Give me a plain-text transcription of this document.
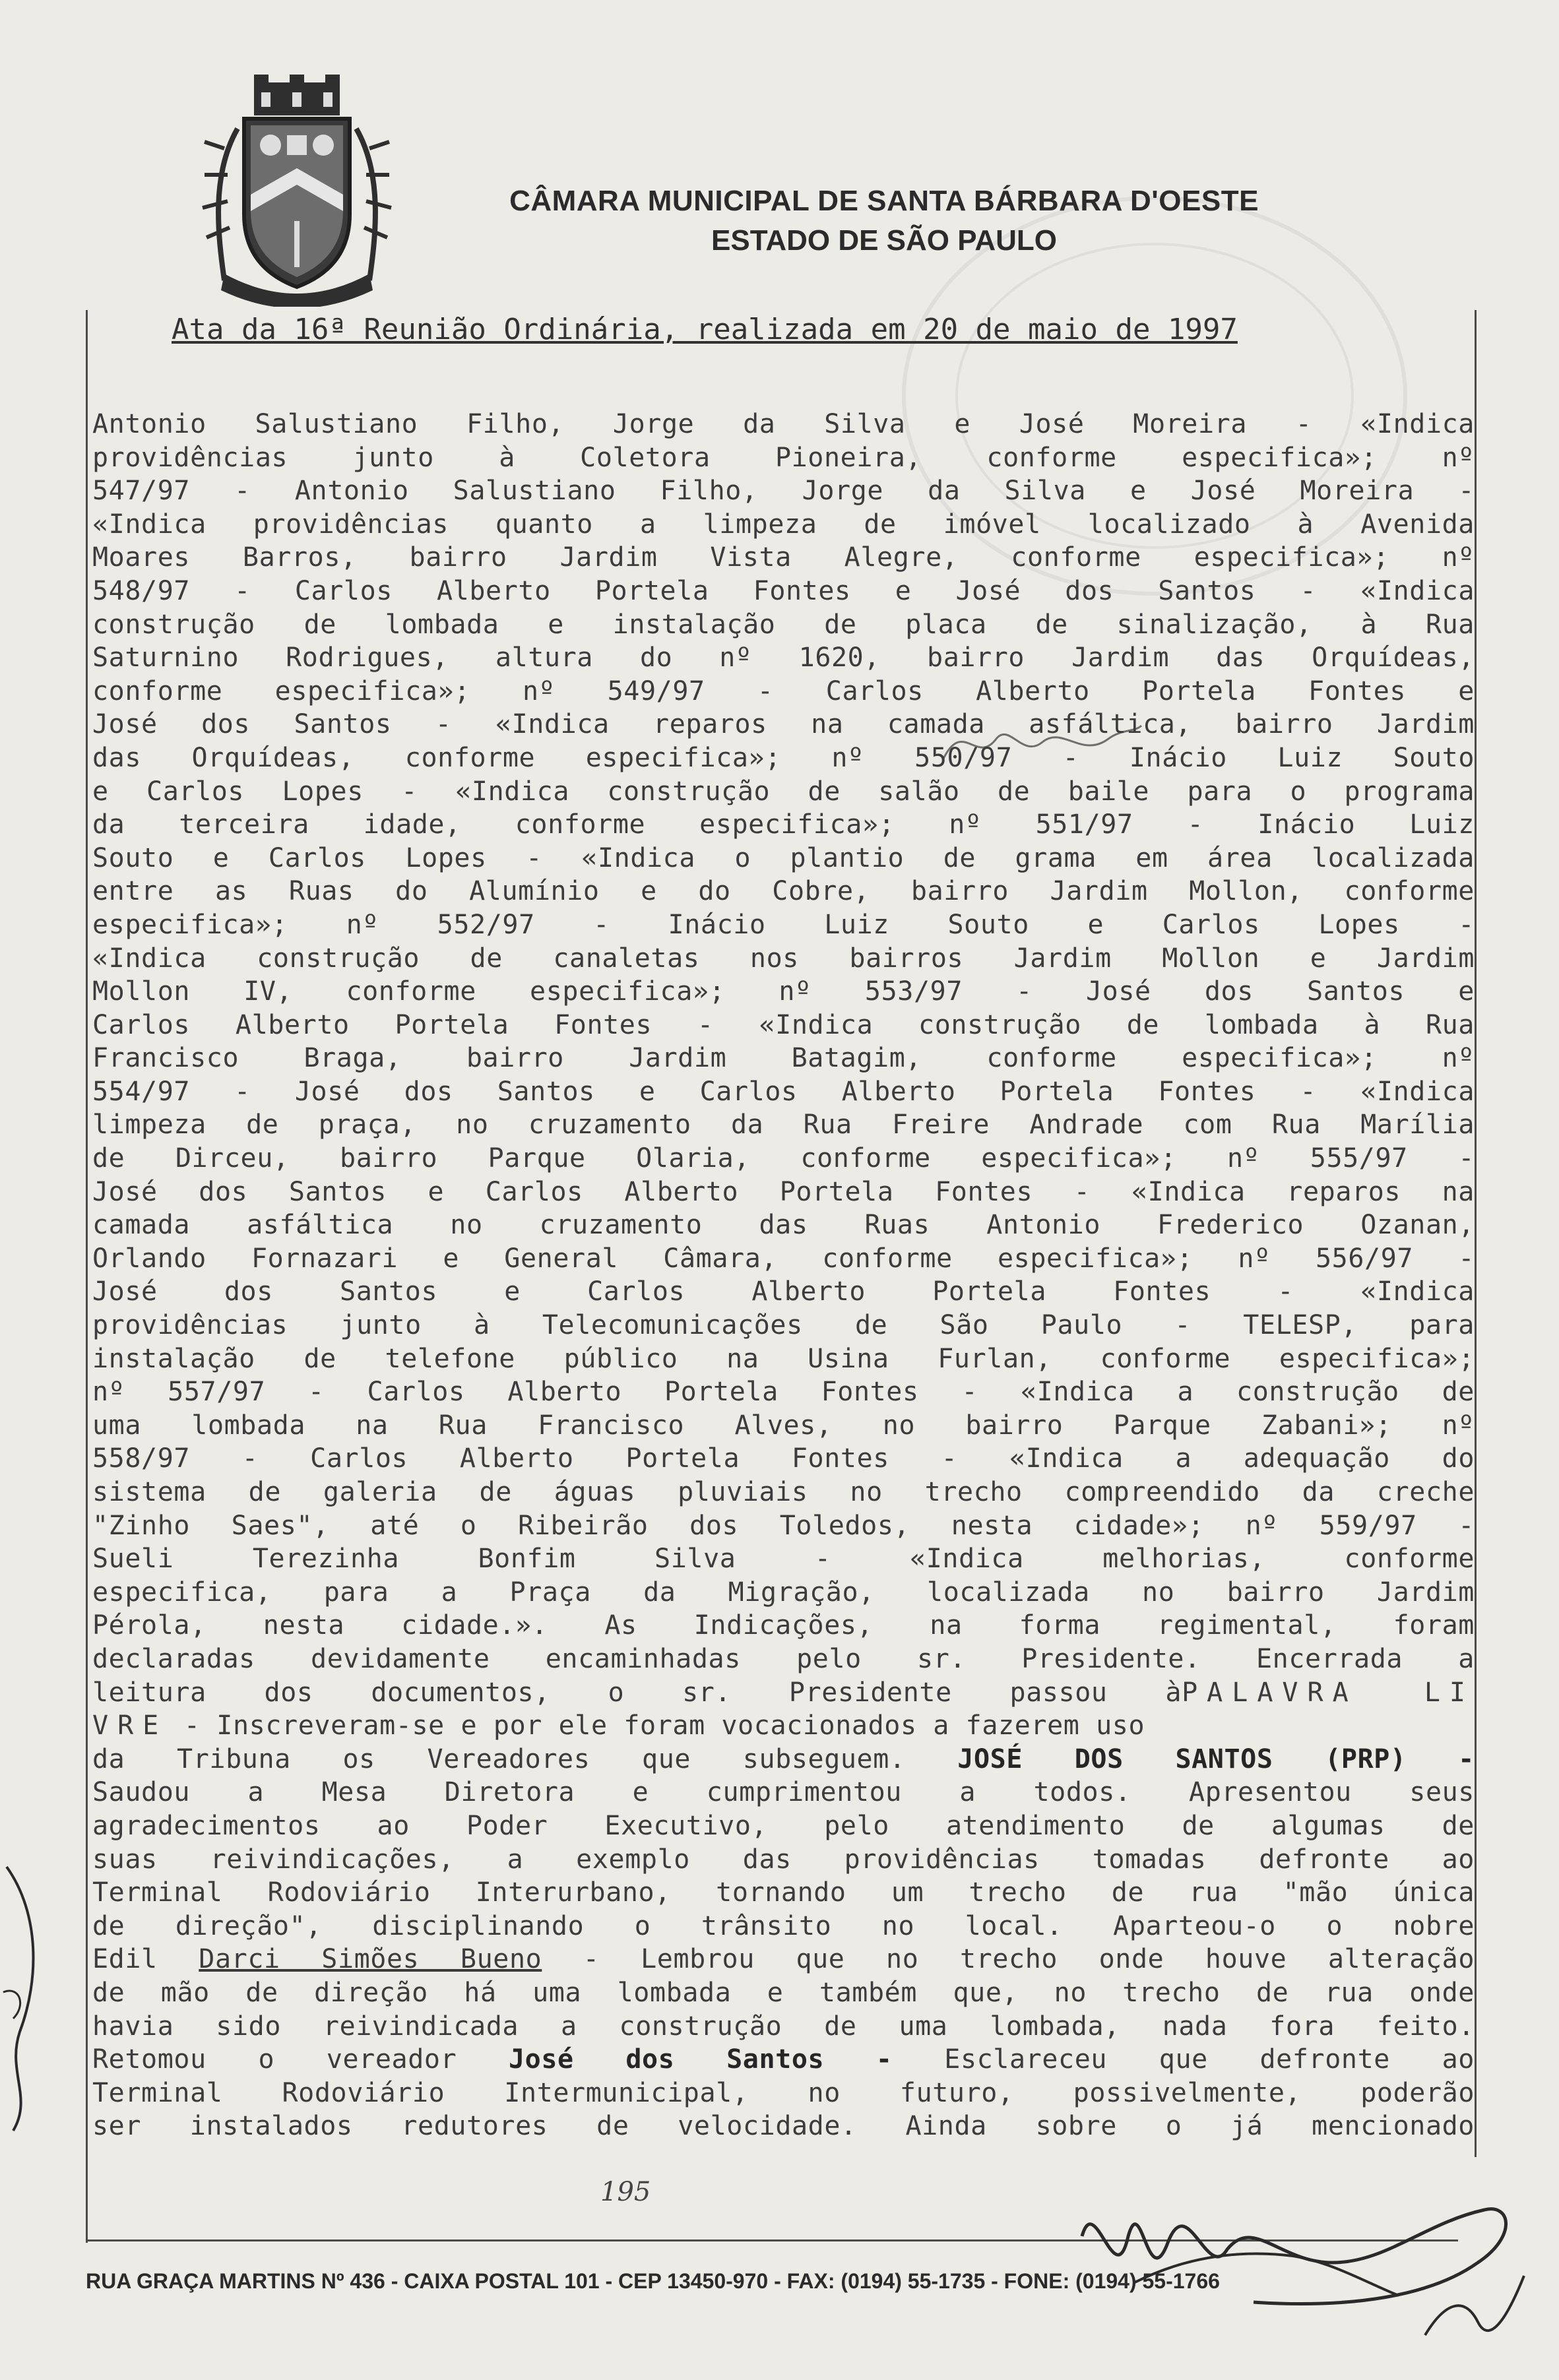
CÂMARA MUNICIPAL DE SANTA BÁRBARA D'OESTE
ESTADO DE SÃO PAULO
Ata da 16ª Reunião Ordinária, realizada em 20 de maio de 1997
Antonio Salustiano Filho, Jorge da Silva e José Moreira - «Indica
providências junto à Coletora Pioneira, conforme especifica»; nº
547/97 - Antonio Salustiano Filho, Jorge da Silva e José Moreira -
«Indica providências quanto a limpeza de imóvel localizado à Avenida
Moares Barros, bairro Jardim Vista Alegre, conforme especifica»; nº
548/97 - Carlos Alberto Portela Fontes e José dos Santos - «Indica
construção de lombada e instalação de placa de sinalização, à Rua
Saturnino Rodrigues, altura do nº 1620, bairro Jardim das Orquídeas,
conforme especifica»; nº 549/97 - Carlos Alberto Portela Fontes e
José dos Santos - «Indica reparos na camada asfáltica, bairro Jardim
das Orquídeas, conforme especifica»; nº 550/97 - Inácio Luiz Souto
e Carlos Lopes - «Indica construção de salão de baile para o programa
da terceira idade, conforme especifica»; nº 551/97 - Inácio Luiz
Souto e Carlos Lopes - «Indica o plantio de grama em área localizada
entre as Ruas do Alumínio e do Cobre, bairro Jardim Mollon, conforme
especifica»; nº 552/97 - Inácio Luiz Souto e Carlos Lopes -
«Indica construção de canaletas nos bairros Jardim Mollon e Jardim
Mollon IV, conforme especifica»; nº 553/97 - José dos Santos e
Carlos Alberto Portela Fontes - «Indica construção de lombada à Rua
Francisco Braga, bairro Jardim Batagim, conforme especifica»; nº
554/97 - José dos Santos e Carlos Alberto Portela Fontes - «Indica
limpeza de praça, no cruzamento da Rua Freire Andrade com Rua Marília
de Dirceu, bairro Parque Olaria, conforme especifica»; nº 555/97 -
José dos Santos e Carlos Alberto Portela Fontes - «Indica reparos na
camada asfáltica no cruzamento das Ruas Antonio Frederico Ozanan,
Orlando Fornazari e General Câmara, conforme especifica»; nº 556/97 -
José dos Santos e Carlos Alberto Portela Fontes - «Indica
providências junto à Telecomunicações de São Paulo - TELESP, para
instalação de telefone público na Usina Furlan, conforme especifica»;
nº 557/97 - Carlos Alberto Portela Fontes - «Indica a construção de
uma lombada na Rua Francisco Alves, no bairro Parque Zabani»; nº
558/97 - Carlos Alberto Portela Fontes - «Indica a adequação do
sistema de galeria de águas pluviais no trecho compreendido da creche
"Zinho Saes", até o Ribeirão dos Toledos, nesta cidade»; nº 559/97 -
Sueli Terezinha Bonfim Silva - «Indica melhorias, conforme
especifica, para a Praça da Migração, localizada no bairro Jardim
Pérola, nesta cidade.». As Indicações, na forma regimental, foram
declaradas devidamente encaminhadas pelo sr. Presidente. Encerrada a
leitura dos documentos, o sr. Presidente passou àPALAVRA LI
VRE - Inscreveram-se e por ele foram vocacionados a fazerem uso
da Tribuna os Vereadores que subseguem. JOSÉ DOS SANTOS (PRP) -
Saudou a Mesa Diretora e cumprimentou a todos. Apresentou seus
agradecimentos ao Poder Executivo, pelo atendimento de algumas de
suas reivindicações, a exemplo das providências tomadas defronte ao
Terminal Rodoviário Interurbano, tornando um trecho de rua "mão única
de direção", disciplinando o trânsito no local. Aparteou-o o nobre
Edil Darci Simões Bueno - Lembrou que no trecho onde houve alteração
de mão de direção há uma lombada e também que, no trecho de rua onde
havia sido reivindicada a construção de uma lombada, nada fora feito.
Retomou o vereador José dos Santos - Esclareceu que defronte ao
Terminal Rodoviário Intermunicipal, no futuro, possivelmente, poderão
ser instalados redutores de velocidade. Ainda sobre o já mencionado
195
RUA GRAÇA MARTINS Nº 436 - CAIXA POSTAL 101 - CEP 13450-970 - FAX: (0194) 55-1735 - FONE: (0194) 55-1766
